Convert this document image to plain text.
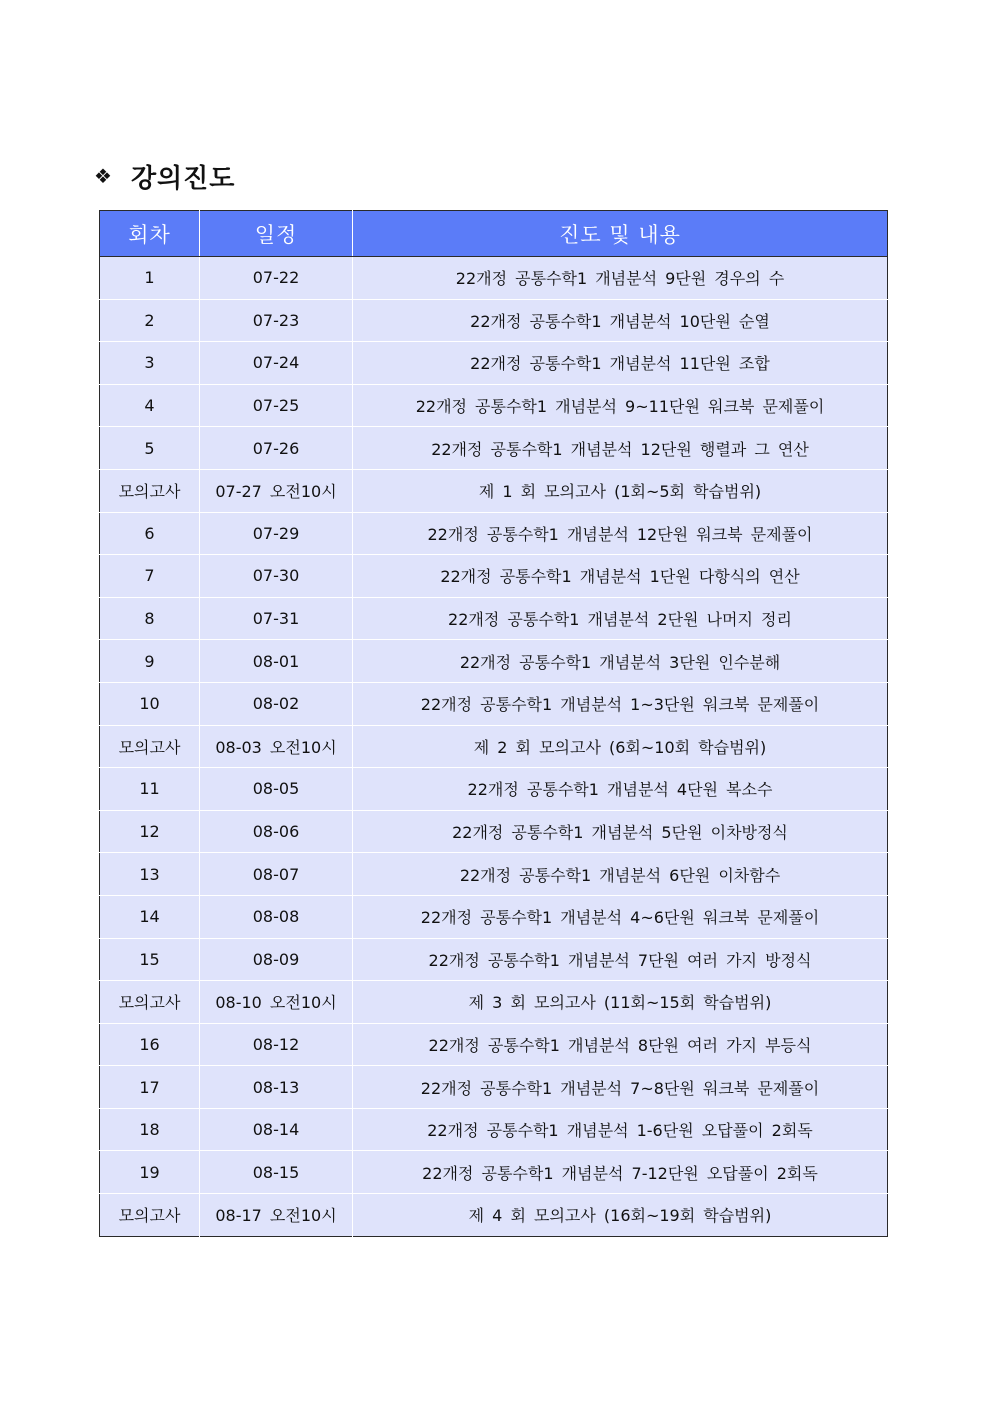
❖ 강의진도
회차	일정	진도 및 내용
1	07-22	22개정 공통수학1 개념분석 9단원 경우의 수
2	07-23	22개정 공통수학1 개념분석 10단원 순열
3	07-24	22개정 공통수학1 개념분석 11단원 조합
4	07-25	22개정 공통수학1 개념분석 9~11단원 워크북 문제풀이
5	07-26	22개정 공통수학1 개념분석 12단원 행렬과 그 연산
모의고사	07-27 오전10시	제 1 회 모의고사 (1회~5회 학습범위)
6	07-29	22개정 공통수학1 개념분석 12단원 워크북 문제풀이
7	07-30	22개정 공통수학1 개념분석 1단원 다항식의 연산
8	07-31	22개정 공통수학1 개념분석 2단원 나머지 정리
9	08-01	22개정 공통수학1 개념분석 3단원 인수분해
10	08-02	22개정 공통수학1 개념분석 1~3단원 워크북 문제풀이
모의고사	08-03 오전10시	제 2 회 모의고사 (6회~10회 학습범위)
11	08-05	22개정 공통수학1 개념분석 4단원 복소수
12	08-06	22개정 공통수학1 개념분석 5단원 이차방정식
13	08-07	22개정 공통수학1 개념분석 6단원 이차함수
14	08-08	22개정 공통수학1 개념분석 4~6단원 워크북 문제풀이
15	08-09	22개정 공통수학1 개념분석 7단원 여러 가지 방정식
모의고사	08-10 오전10시	제 3 회 모의고사 (11회~15회 학습범위)
16	08-12	22개정 공통수학1 개념분석 8단원 여러 가지 부등식
17	08-13	22개정 공통수학1 개념분석 7~8단원 워크북 문제풀이
18	08-14	22개정 공통수학1 개념분석 1-6단원 오답풀이 2회독
19	08-15	22개정 공통수학1 개념분석 7-12단원 오답풀이 2회독
모의고사	08-17 오전10시	제 4 회 모의고사 (16회~19회 학습범위)
